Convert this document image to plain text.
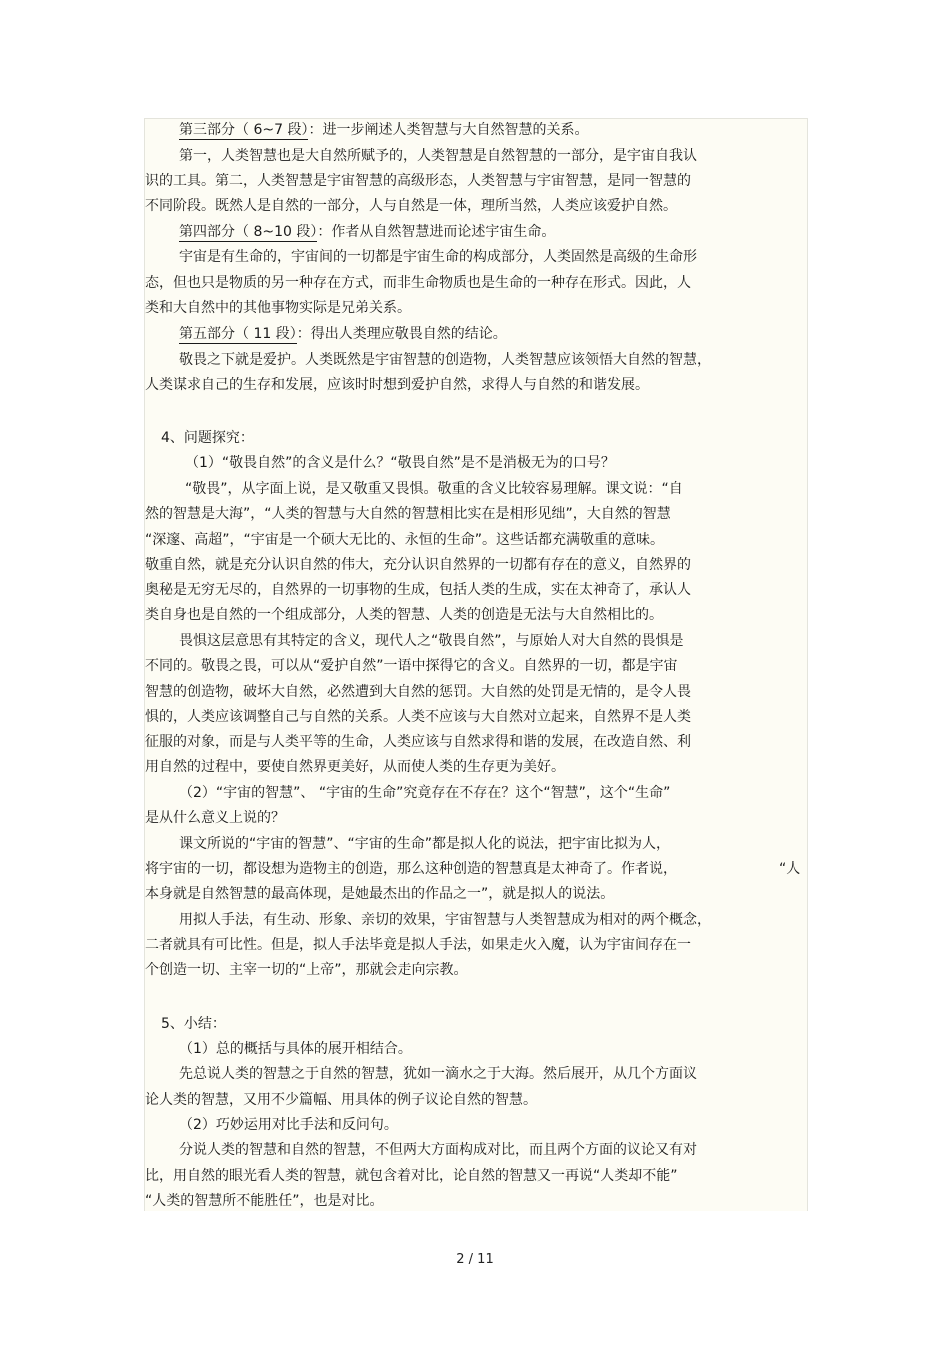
第三部分（ 6~7 段）：进一步阐述人类智慧与大自然智慧的关系。
第一，人类智慧也是大自然所赋予的，人类智慧是自然智慧的一部分，是宇宙自我认
识的工具。第二，人类智慧是宇宙智慧的高级形态，人类智慧与宇宙智慧，是同一智慧的
不同阶段。既然人是自然的一部分，人与自然是一体，理所当然，人类应该爱护自然。
第四部分（ 8~10 段）：作者从自然智慧进而论述宇宙生命。
宇宙是有生命的，宇宙间的一切都是宇宙生命的构成部分，人类固然是高级的生命形
态，但也只是物质的另一种存在方式，而非生命物质也是生命的一种存在形式。因此，人
类和大自然中的其他事物实际是兄弟关系。
第五部分（ 11 段）：得出人类理应敬畏自然的结论。
敬畏之下就是爱护。人类既然是宇宙智慧的创造物，人类智慧应该领悟大自然的智慧，
人类谋求自己的生存和发展，应该时时想到爱护自然，求得人与自然的和谐发展。
4、问题探究：
（1）“敬畏自然”的含义是什么？“敬畏自然”是不是消极无为的口号？
“敬畏”，从字面上说，是又敬重又畏惧。敬重的含义比较容易理解。课文说：“自
然的智慧是大海”，“人类的智慧与大自然的智慧相比实在是相形见绌”，大自然的智慧
“深邃、高超”，“宇宙是一个硕大无比的、永恒的生命”。这些话都充满敬重的意味。
敬重自然，就是充分认识自然的伟大，充分认识自然界的一切都有存在的意义，自然界的
奥秘是无穷无尽的，自然界的一切事物的生成，包括人类的生成，实在太神奇了，承认人
类自身也是自然的一个组成部分，人类的智慧、人类的创造是无法与大自然相比的。
畏惧这层意思有其特定的含义，现代人之“敬畏自然”，与原始人对大自然的畏惧是
不同的。敬畏之畏，可以从“爱护自然”一语中探得它的含义。自然界的一切，都是宇宙
智慧的创造物，破坏大自然，必然遭到大自然的惩罚。大自然的处罚是无情的，是令人畏
惧的，人类应该调整自己与自然的关系。人类不应该与大自然对立起来，自然界不是人类
征服的对象，而是与人类平等的生命，人类应该与自然求得和谐的发展，在改造自然、利
用自然的过程中，要使自然界更美好，从而使人类的生存更为美好。
（2）“宇宙的智慧”、 “宇宙的生命”究竟存在不存在？这个“智慧”，这个“生命”
是从什么意义上说的？
课文所说的“宇宙的智慧”、“宇宙的生命”都是拟人化的说法，把宇宙比拟为人，
将宇宙的一切，都设想为造物主的创造，那么这种创造的智慧真是太神奇了。作者说，	“人
本身就是自然智慧的最高体现，是她最杰出的作品之一”，就是拟人的说法。
用拟人手法，有生动、形象、亲切的效果，宇宙智慧与人类智慧成为相对的两个概念，
二者就具有可比性。但是，拟人手法毕竟是拟人手法，如果走火入魔，认为宇宙间存在一
个创造一切、主宰一切的“上帝”，那就会走向宗教。
5、小结：
（1）总的概括与具体的展开相结合。
先总说人类的智慧之于自然的智慧，犹如一滴水之于大海。然后展开，从几个方面议
论人类的智慧，又用不少篇幅、用具体的例子议论自然的智慧。
（2）巧妙运用对比手法和反问句。
分说人类的智慧和自然的智慧，不但两大方面构成对比，而且两个方面的议论又有对
比，用自然的眼光看人类的智慧，就包含着对比，论自然的智慧又一再说“人类却不能”
“人类的智慧所不能胜任”，也是对比。
2 / 11
